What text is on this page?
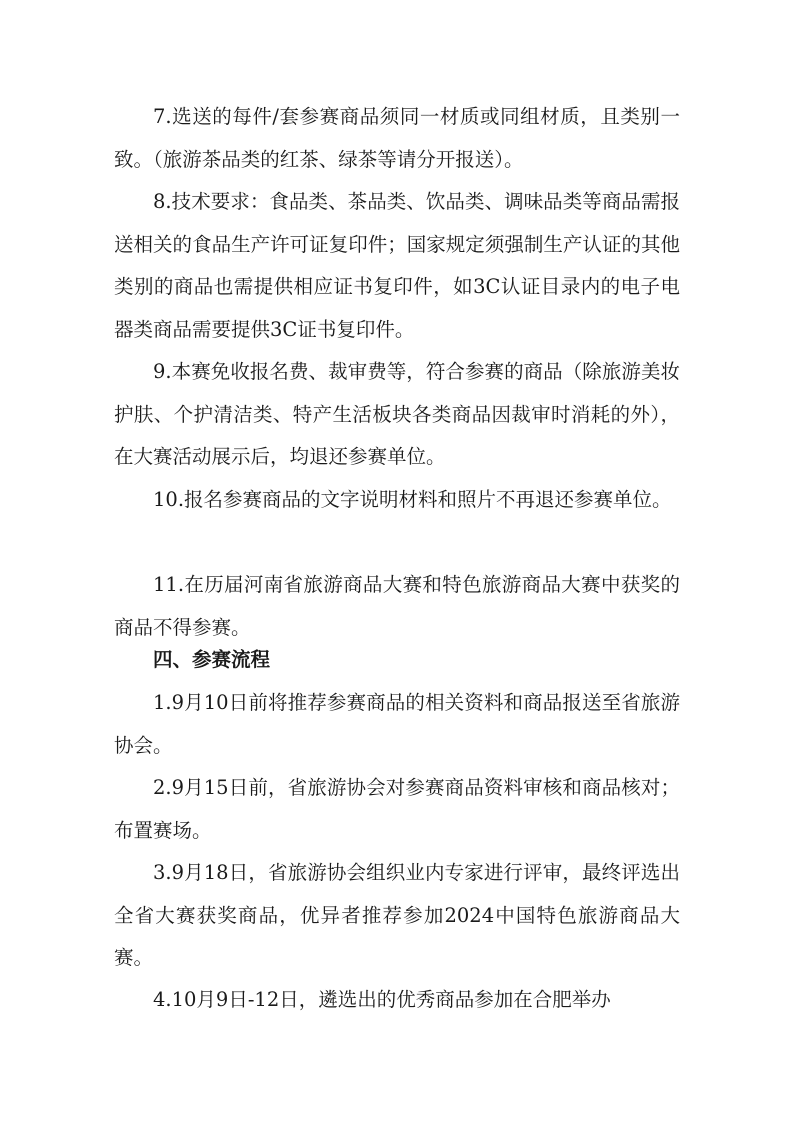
7.选送的每件/套参赛商品须同一材质或同组材质，且类别一致。（旅游茶品类的红茶、绿茶等请分开报送）。

8.技术要求：食品类、茶品类、饮品类、调味品类等商品需报送相关的食品生产许可证复印件；国家规定须强制生产认证的其他类别的商品也需提供相应证书复印件，如3C认证目录内的电子电器类商品需要提供3C证书复印件。

9.本赛免收报名费、裁审费等，符合参赛的商品（除旅游美妆护肤、个护清洁类、特产生活板块各类商品因裁审时消耗的外），在大赛活动展示后，均退还参赛单位。

10.报名参赛商品的文字说明材料和照片不再退还参赛单位。

11.在历届河南省旅游商品大赛和特色旅游商品大赛中获奖的商品不得参赛。

四、参赛流程

1.9月10日前将推荐参赛商品的相关资料和商品报送至省旅游协会。

2.9月15日前，省旅游协会对参赛商品资料审核和商品核对；布置赛场。

3.9月18日，省旅游协会组织业内专家进行评审，最终评选出全省大赛获奖商品，优异者推荐参加2024中国特色旅游商品大赛。

4.10月9日-12日，遴选出的优秀商品参加在合肥举办
